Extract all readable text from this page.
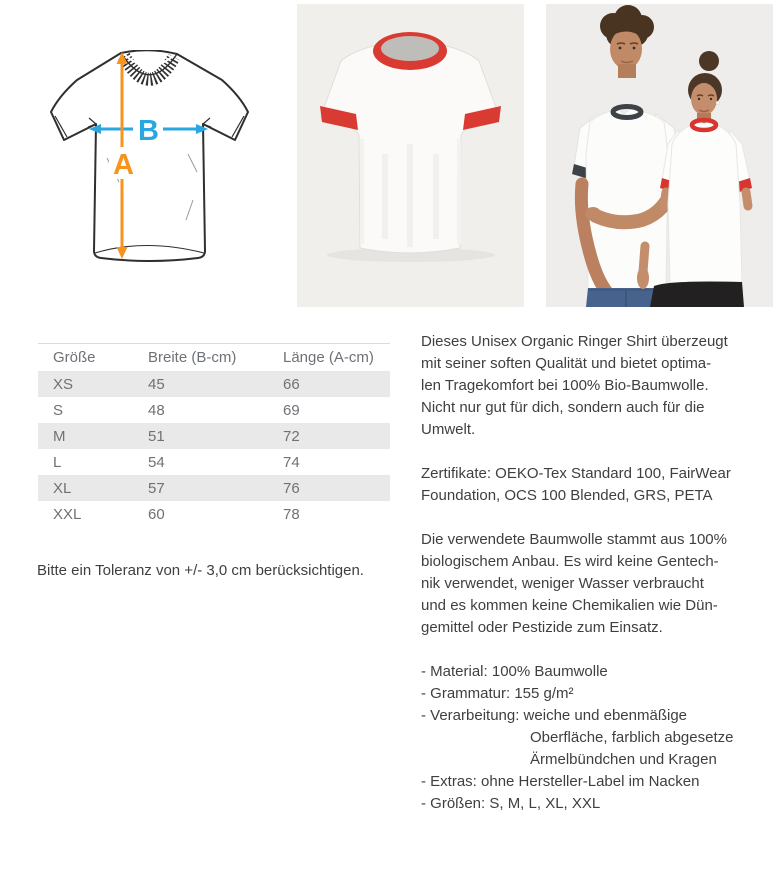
B
A
Größe	Breite (B-cm)	Länge (A-cm)
XS	45	66
S	48	69
M	51	72
L	54	74
XL	57	76
XXL	60	78

Bitte ein Toleranz von +/- 3,0 cm berücksichtigen.

Dieses Unisex Organic Ringer Shirt überzeugt
mit seiner soften Qualität und bietet optima-
len Tragekomfort bei 100% Bio-Baumwolle.
Nicht nur gut für dich, sondern auch für die
Umwelt.
Zertifikate: OEKO-Tex Standard 100, FairWear
Foundation, OCS 100 Blended, GRS, PETA
Die verwendete Baumwolle stammt aus 100%
biologischem Anbau. Es wird keine Gentech-
nik verwendet, weniger Wasser verbraucht
und es kommen keine Chemikalien wie Dün-
gemittel oder Pestizide zum Einsatz.
- Material: 100% Baumwolle
- Grammatur: 155 g/m²
- Verarbeitung: weiche und ebenmäßige
Oberfläche, farblich abgesetze
Ärmelbündchen und Kragen
- Extras: ohne Hersteller-Label im Nacken
- Größen: S, M, L, XL, XXL
